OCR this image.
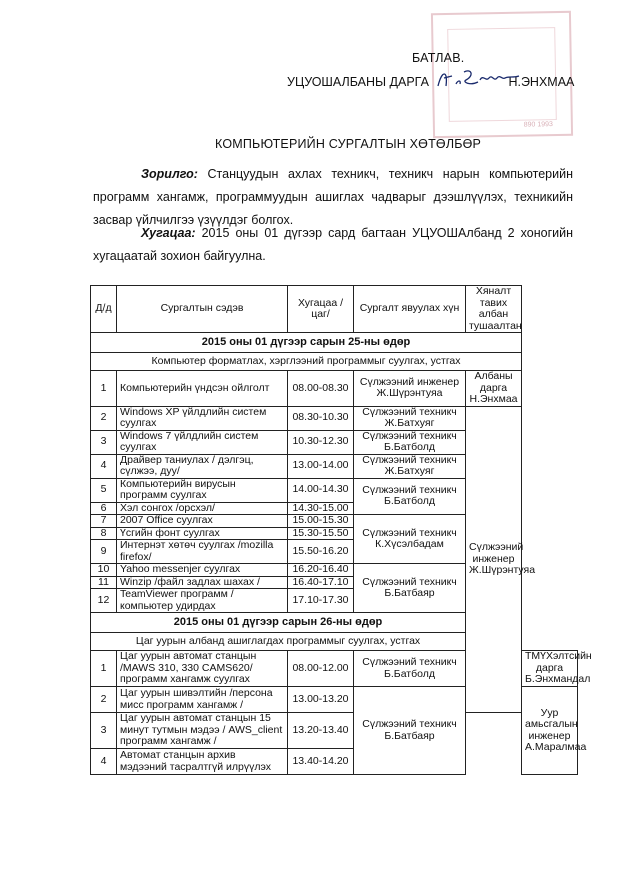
890 1993
БАТЛАВ.
УЦУОШАЛБАНЫ ДАРГА	Н.ЭНХМАА
КОМПЬЮТЕРИЙН СУРГАЛТЫН ХӨТӨЛБӨР
Зорилго: Станцуудын ахлах техникч, техникч нарын компьютерийн программ хангамж, программуудын ашиглах чадварыг дээшлүүлэх, техникийн засвар үйлчилгээ үзүүлдэг болгох.
Хугацаа: 2015 оны 01 дүгээр сард багтаан УЦУОШАлбанд 2 хоногийн хугацаатай зохион байгуулна.
Д/д	Сургалтын сэдэв	Хугацаа /цаг/	Сургалт явуулах хүн	Хяналт тавих албан тушаалтан	
2015 оны 01 дүгээр сарын 25-ны өдөр					
Компьютер форматлах, хэрглээний программыг суулгах, устгах					
1	Компьютерийн үндсэн ойлголт	08.00-08.30	Сүлжээний инженер Ж.Шүрэнтуяа	Албаны дарга Н.Энхмаа	
2	Windows XP үйлдлийн систем суулгах	08.30-10.30	Сүлжээний техникч Ж.Батхуяг	Сүлжээний инженер Ж.Шүрэнтуяа	
3	Windows 7 үйлдлийн систем суулгах	10.30-12.30	Сүлжээний техникч Б.Батболд		
4	Драйвер таниулах / дэлгэц, сүлжээ, дуу/	13.00-14.00	Сүлжээний техникч Ж.Батхуяг		
5	Компьютерийн вирусын программ суулгах	14.00-14.30	Сүлжээний техникч Б.Батболд		
6	Хэл сонгох /орсхэл/	14.30-15.00			
7	2007 Office суулгах	15.00-15.30	Сүлжээний техникч К.Хүсэлбадам		
8	Үсгийн фонт суулгах	15.30-15.50			
9	Интернэт хөтөч суулгах /mozilla firefox/	15.50-16.20			
10	Yahoo messenjer суулгах	16.20-16.40	Сүлжээний техникч Б.Батбаяр		
11	Winzip /файл задлах шахах /	16.40-17.10			
12	TeamViewer программ / компьютер удирдах	17.10-17.30			
2015 оны 01 дүгээр сарын 26-ны өдөр					
Цаг уурын албанд ашиглагдах программыг суулгах, устгах					
1	Цаг уурын автомат станцын /MAWS 310, 330 CAMS620/ программ хангамж суулгах	08.00-12.00	Сүлжээний техникч Б.Батболд		ТМҮХэлтсийн дарга Б.Энхмандал
2	Цаг уурын шивэлтийн /персона мисс программ хангамж /	13.00-13.20	Сүлжээний техникч Б.Батбаяр		Уур амьсгалын инженер А.Маралмаа
3	Цаг уурын автомат станцын 15 минут тутмын мэдээ / AWS_client программ хангамж /	13.20-13.40			
4	Автомат станцын архив мэдээний тасралтгүй илрүүлэх	13.40-14.20			
